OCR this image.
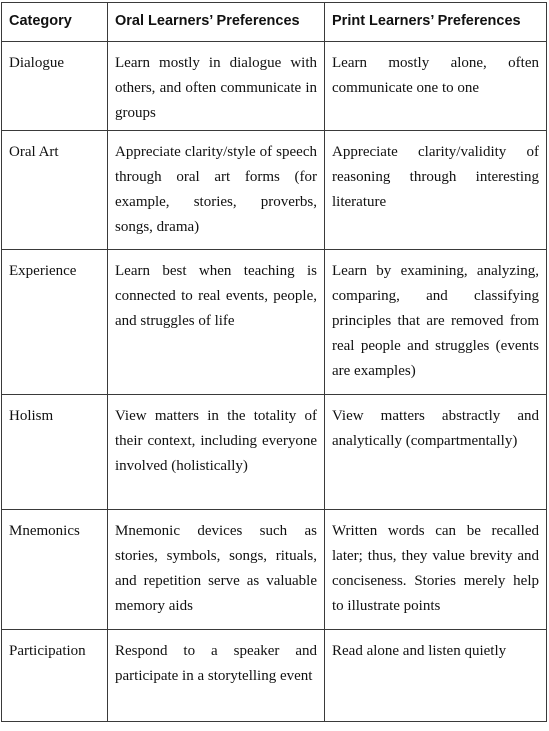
Category	Oral Learners’ Preferences	Print Learners’ Preferences
Dialogue	Learn mostly in dialogue with others, and often communicate in groups	Learn mostly alone, often communicate one to one
Oral Art	Appreciate clarity/style of speech through oral art forms (for example, stories, proverbs, songs, drama)	Appreciate clarity/validity of reasoning through interesting literature
Experience	Learn best when teaching is connected to real events, people, and struggles of life	Learn by examining, analyzing, comparing, and classifying principles that are removed from real people and struggles (events are examples)
Holism	View matters in the totality of their context, including everyone involved (holistically)	View matters abstractly and analytically (compartmentally)
Mnemonics	Mnemonic devices such as stories, symbols, songs, rituals, and repetition serve as valuable memory aids	Written words can be recalled later; thus, they value brevity and conciseness. Stories merely help to illustrate points
Participation	Respond to a speaker and participate in a storytelling event	Read alone and listen quietly
